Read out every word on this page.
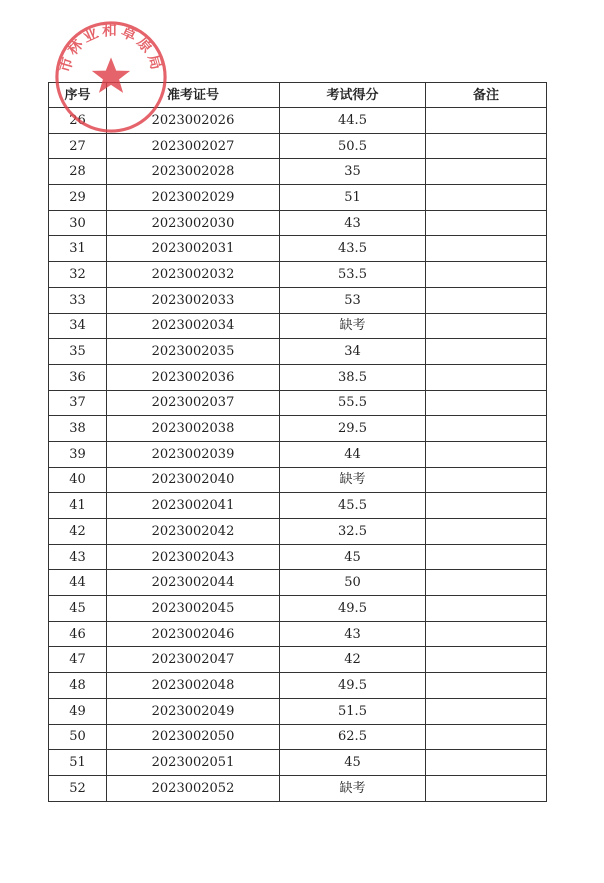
序号	准考证号	考试得分	备注
26	2023002026	44.5	
27	2023002027	50.5	
28	2023002028	35	
29	2023002029	51	
30	2023002030	43	
31	2023002031	43.5	
32	2023002032	53.5	
33	2023002033	53	
34	2023002034	缺考	
35	2023002035	34	
36	2023002036	38.5	
37	2023002037	55.5	
38	2023002038	29.5	
39	2023002039	44	
40	2023002040	缺考	
41	2023002041	45.5	
42	2023002042	32.5	
43	2023002043	45	
44	2023002044	50	
45	2023002045	49.5	
46	2023002046	43	
47	2023002047	42	
48	2023002048	49.5	
49	2023002049	51.5	
50	2023002050	62.5	
51	2023002051	45	
52	2023002052	缺考	
市林业和草原局
